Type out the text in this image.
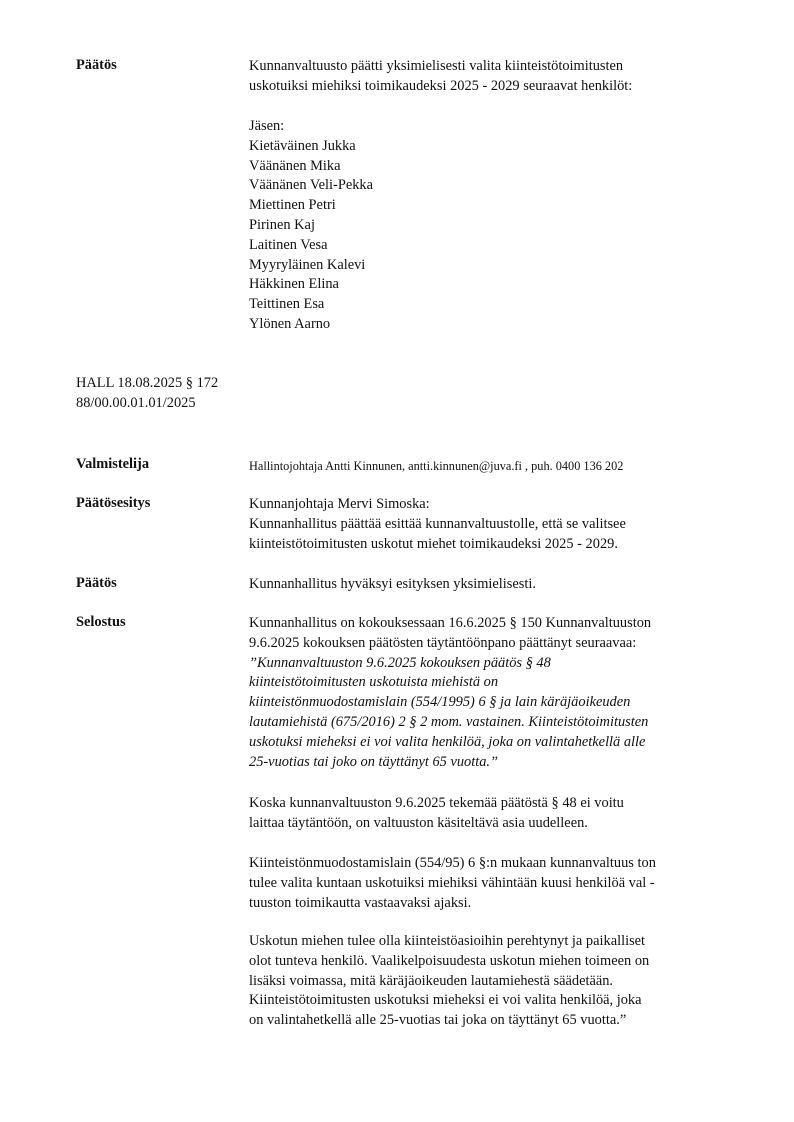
Päätös	Kunnanvaltuusto päätti yksimielisesti valita kiinteistötoimitusten
uskotuiksi miehiksi toimikaudeksi 2025 - 2029 seuraavat henkilöt:
Jäsen:
Kietäväinen Jukka
Väänänen Mika
Väänänen Veli-Pekka
Miettinen Petri
Pirinen Kaj
Laitinen Vesa
Myyryläinen Kalevi
Häkkinen Elina
Teittinen Esa
Ylönen Aarno
HALL 18.08.2025 § 172
88/00.00.01.01/2025
Valmistelija	Hallintojohtaja Antti Kinnunen, antti.kinnunen@juva.fi , puh. 0400 136 202
Päätösesitys	Kunnanjohtaja Mervi Simoska:
Kunnanhallitus päättää esittää kunnanvaltuustolle, että se valitsee
kiinteistötoimitusten uskotut miehet toimikaudeksi 2025 - 2029.
Päätös	Kunnanhallitus hyväksyi esityksen yksimielisesti.
Selostus	Kunnanhallitus on kokouksessaan 16.6.2025 § 150 Kunnanvaltuuston
9.6.2025 kokouksen päätösten täytäntöönpano päättänyt seuraavaa:
”Kunnanvaltuuston 9.6.2025 kokouksen päätös § 48
kiinteistötoimitusten uskotuista miehistä on
kiinteistönmuodostamislain (554/1995) 6 § ja lain käräjäoikeuden
lautamiehistä (675/2016) 2 § 2 mom. vastainen. Kiinteistötoimitusten
uskotuksi mieheksi ei voi valita henkilöä, joka on valintahetkellä alle
25-vuotias tai joko on täyttänyt 65 vuotta.”
Koska kunnanvaltuuston 9.6.2025 tekemää päätöstä § 48 ei voitu
laittaa täytäntöön, on valtuuston käsiteltävä asia uudelleen.
Kiinteistönmuodostamislain (554/95) 6 §:n mukaan kunnanvaltuus ton
tulee valita kuntaan uskotuiksi miehiksi vähintään kuusi henkilöä val -
tuuston toimikautta vastaavaksi ajaksi.
Uskotun miehen tulee olla kiinteistöasioihin perehtynyt ja paikalliset
olot tunteva henkilö. Vaalikelpoisuudesta uskotun miehen toimeen on
lisäksi voimassa, mitä käräjäoikeuden lautamiehestä säädetään.
Kiinteistötoimitusten uskotuksi mieheksi ei voi valita henkilöä, joka
on valintahetkellä alle 25-vuotias tai joka on täyttänyt 65 vuotta.”
